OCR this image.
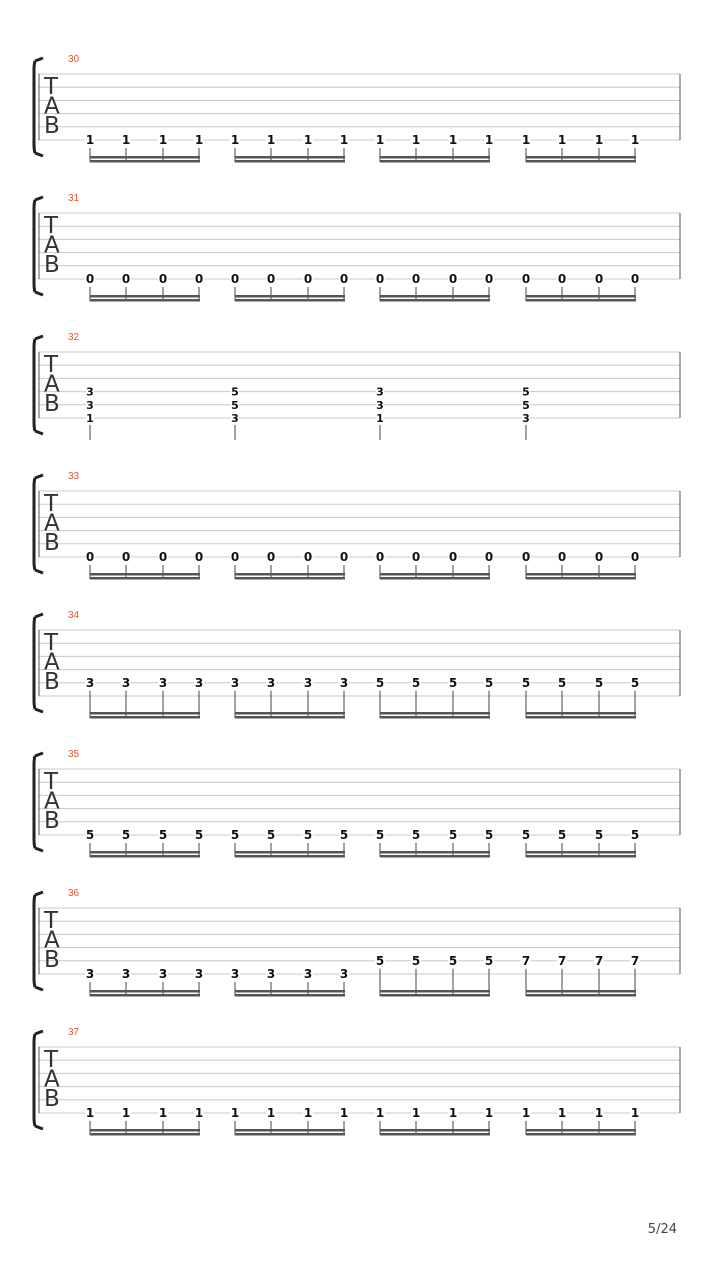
30
T
A
B
1 1 1 1 1 1 1 1 1 1 1 1 1 1 1 1
31
T
A
B
0 0 0 0 0 0 0 0 0 0 0 0 0 0 0 0
32
T
A
B 3
3
1
5
5
3
3
3
1
5
5
3
33
T
A
B
0 0 0 0 0 0 0 0 0 0 0 0 0 0 0 0
34
T
A
B 3 3 3 3 3 3 3 3 5 5 5 5 5 5 5 5
35
T
A
B
5 5 5 5 5 5 5 5 5 5 5 5 5 5 5 5
36
T
A
B
3 3 3 3 3 3 3 3
5 5 5 5 7 7 7 7
37
T
A
B
1 1 1 1 1 1 1 1 1 1 1 1 1 1 1 1
5/24
